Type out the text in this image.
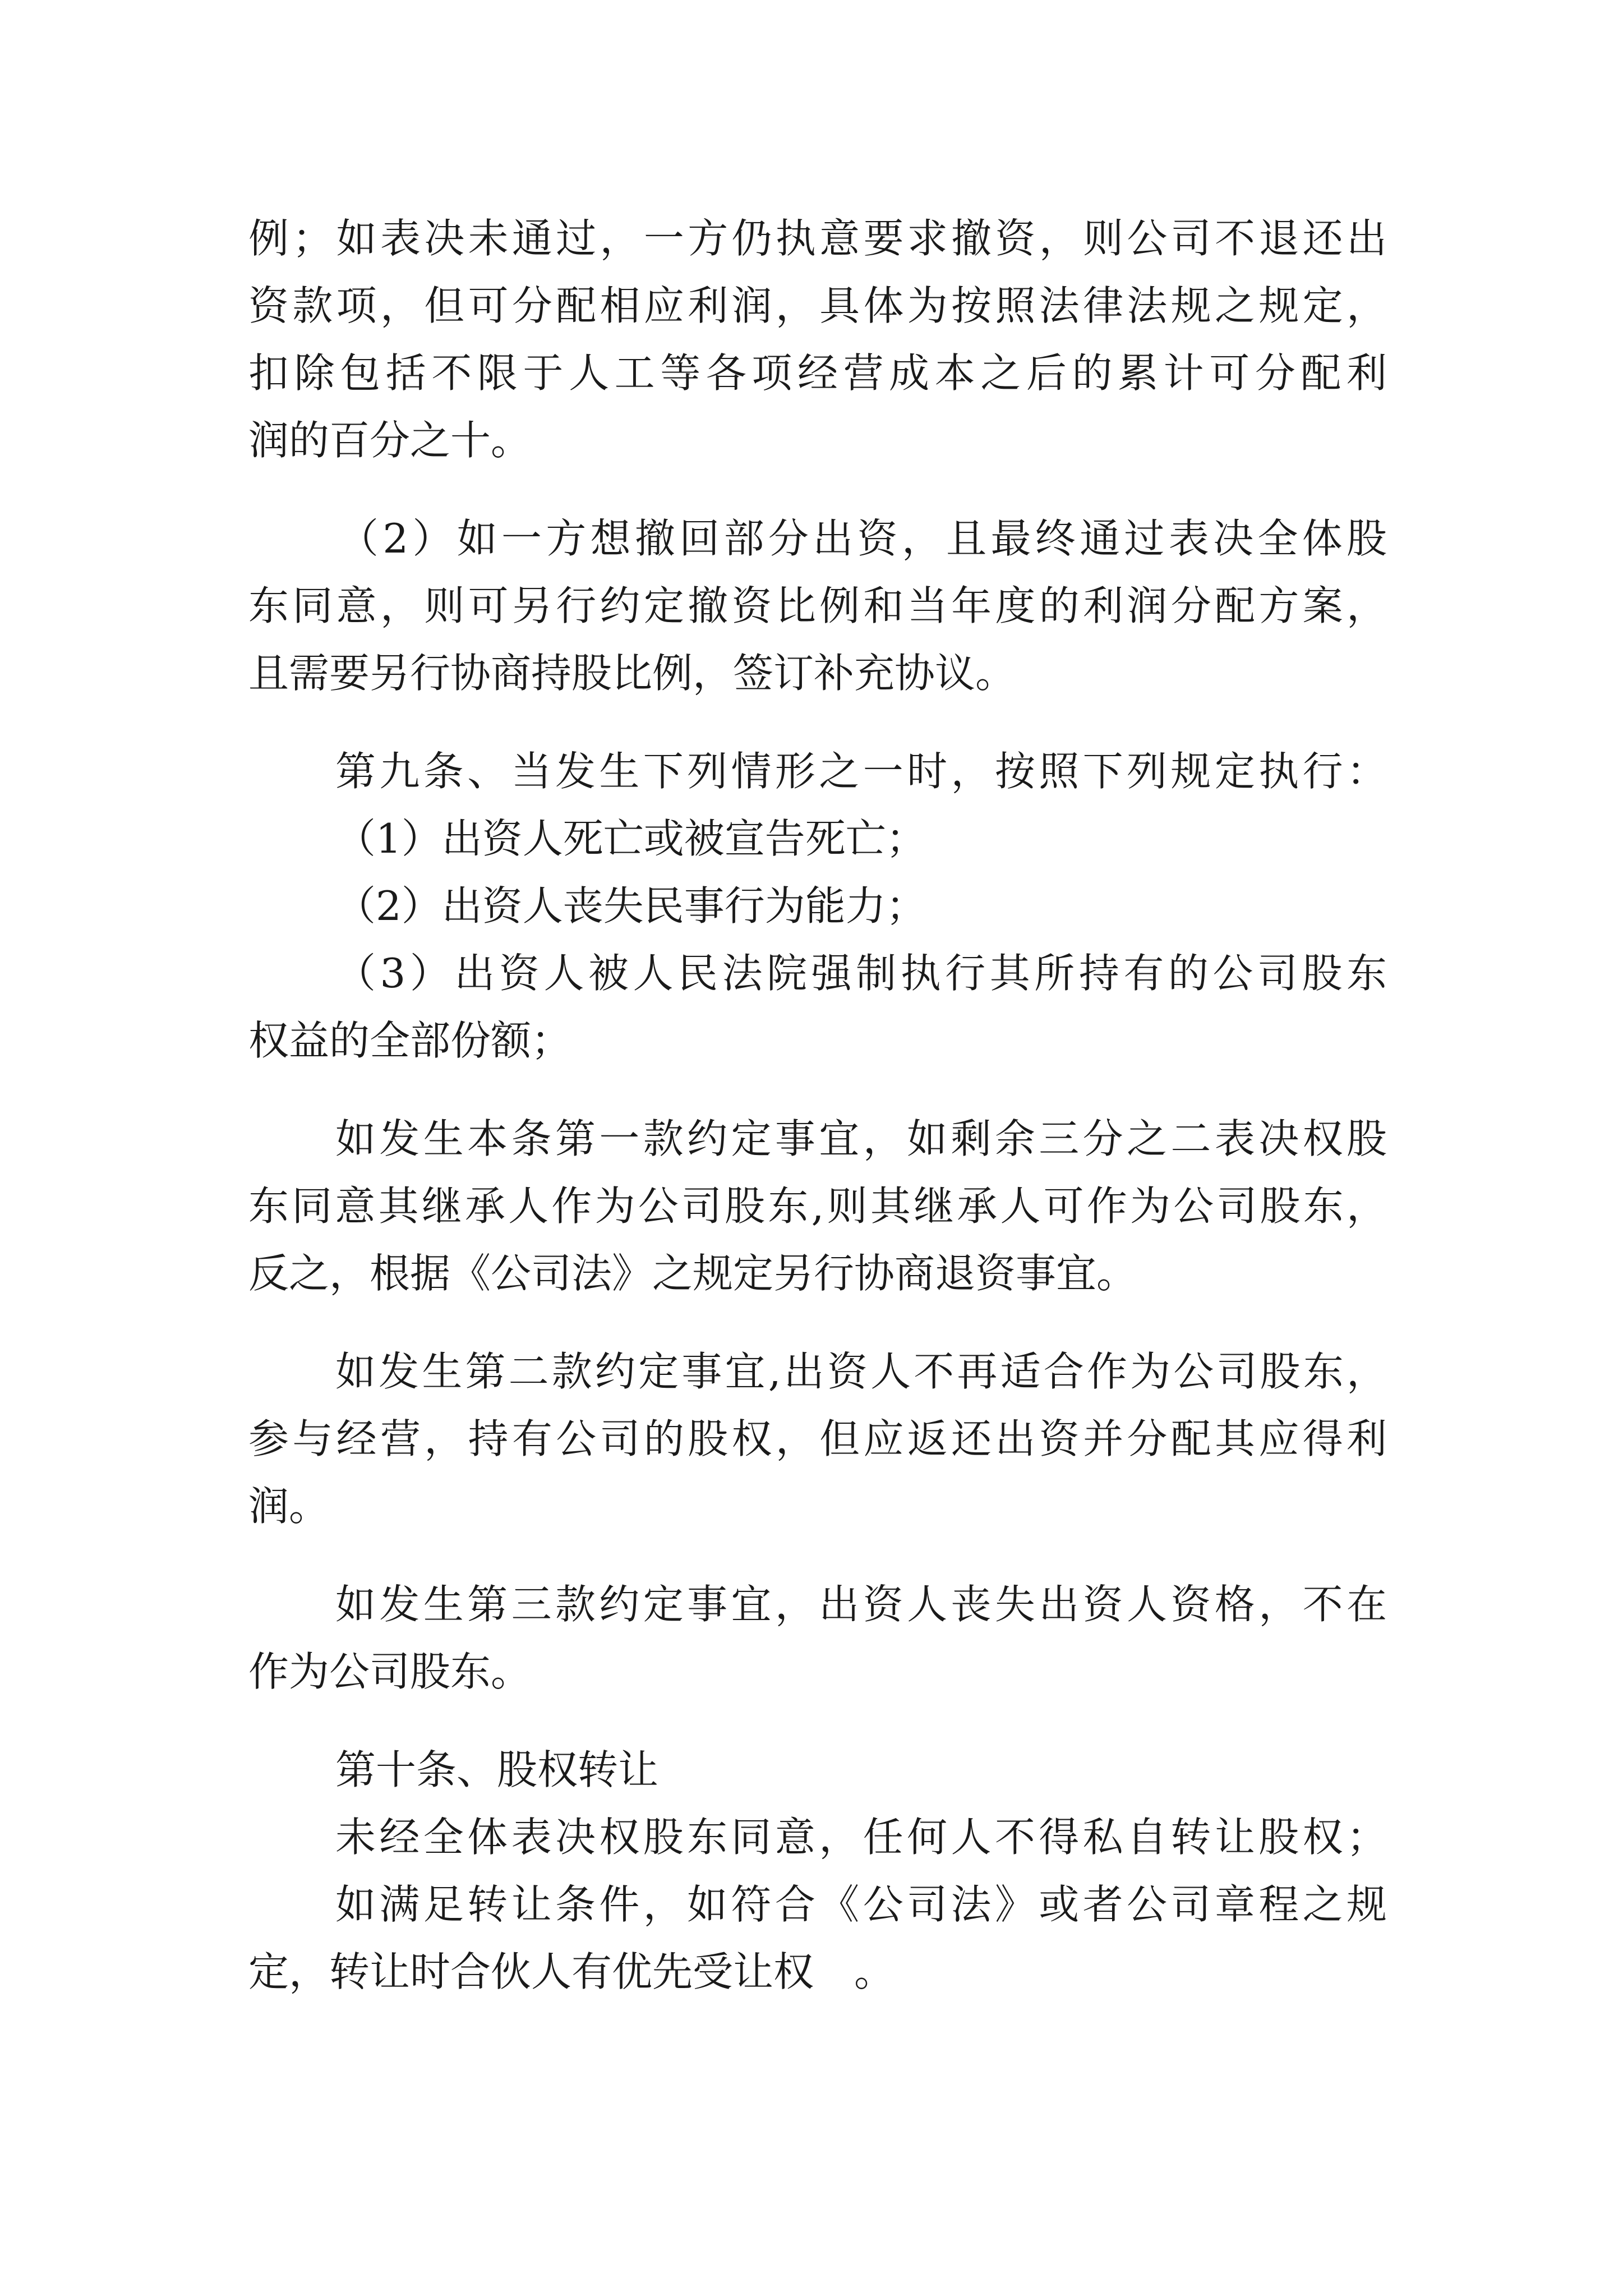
例；如表决未通过，一方仍执意要求撤资，则公司不退还出
资款项，但可分配相应利润，具体为按照法律法规之规定，
扣除包括不限于人工等各项经营成本之后的累计可分配利
润的百分之十。
（2）如一方想撤回部分出资，且最终通过表决全体股
东同意，则可另行约定撤资比例和当年度的利润分配方案，
且需要另行协商持股比例，签订补充协议。
第九条、当发生下列情形之一时，按照下列规定执行：
（1）出资人死亡或被宣告死亡；
（2）出资人丧失民事行为能力；
（3）出资人被人民法院强制执行其所持有的公司股东
权益的全部份额；
如发生本条第一款约定事宜，如剩余三分之二表决权股
东同意其继承人作为公司股东,则其继承人可作为公司股东，
反之，根据《公司法》之规定另行协商退资事宜。
如发生第二款约定事宜,出资人不再适合作为公司股东，
参与经营，持有公司的股权，但应返还出资并分配其应得利
润。
如发生第三款约定事宜，出资人丧失出资人资格，不在
作为公司股东。
第十条、股权转让
未经全体表决权股东同意，任何人不得私自转让股权；
如满足转让条件，如符合《公司法》或者公司章程之规
定，转让时合伙人有优先受让权　。
